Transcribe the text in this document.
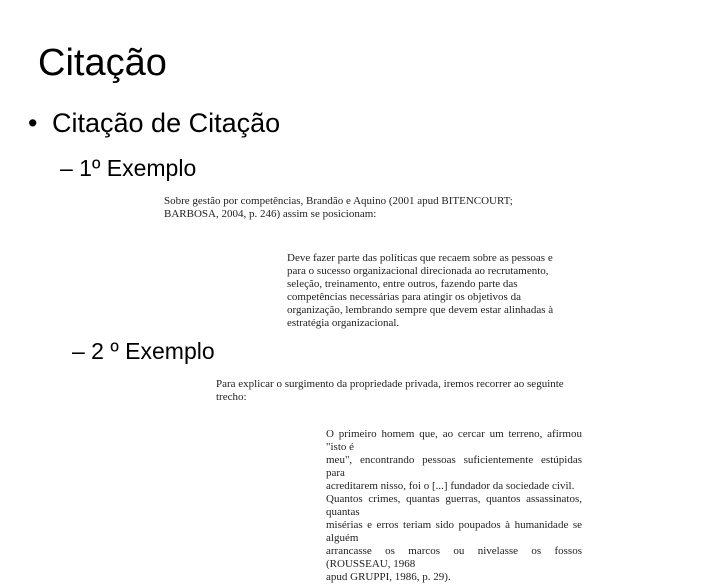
Citação
• Citação de Citação
– 1º Exemplo
Sobre gestão por competências, Brandão e Aquino (2001 apud BITENCOURT;
BARBOSA, 2004, p. 246) assim se posicionam:
Deve fazer parte das políticas que recaem sobre as pessoas e
para o sucesso organizacional direcionada ao recrutamento,
seleção, treinamento, entre outros, fazendo parte das
competências necessárias para atingir os objetivos da
organização, lembrando sempre que devem estar alinhadas à
estratégia organizacional.
– 2 º Exemplo
Para explicar o surgimento da propriedade privada, iremos recorrer ao seguinte
trecho:
O primeiro homem que, ao cercar um terreno, afirmou "isto é
meu", encontrando pessoas suficientemente estúpidas para
acreditarem nisso, foi o [...] fundador da sociedade civil.
Quantos crimes, quantas guerras, quantos assassinatos, quantas
misérias e erros teriam sido poupados à humanidade se alguém
arrancasse os marcos ou nivelasse os fossos (ROUSSEAU, 1968
apud GRUPPI, 1986, p. 29).
